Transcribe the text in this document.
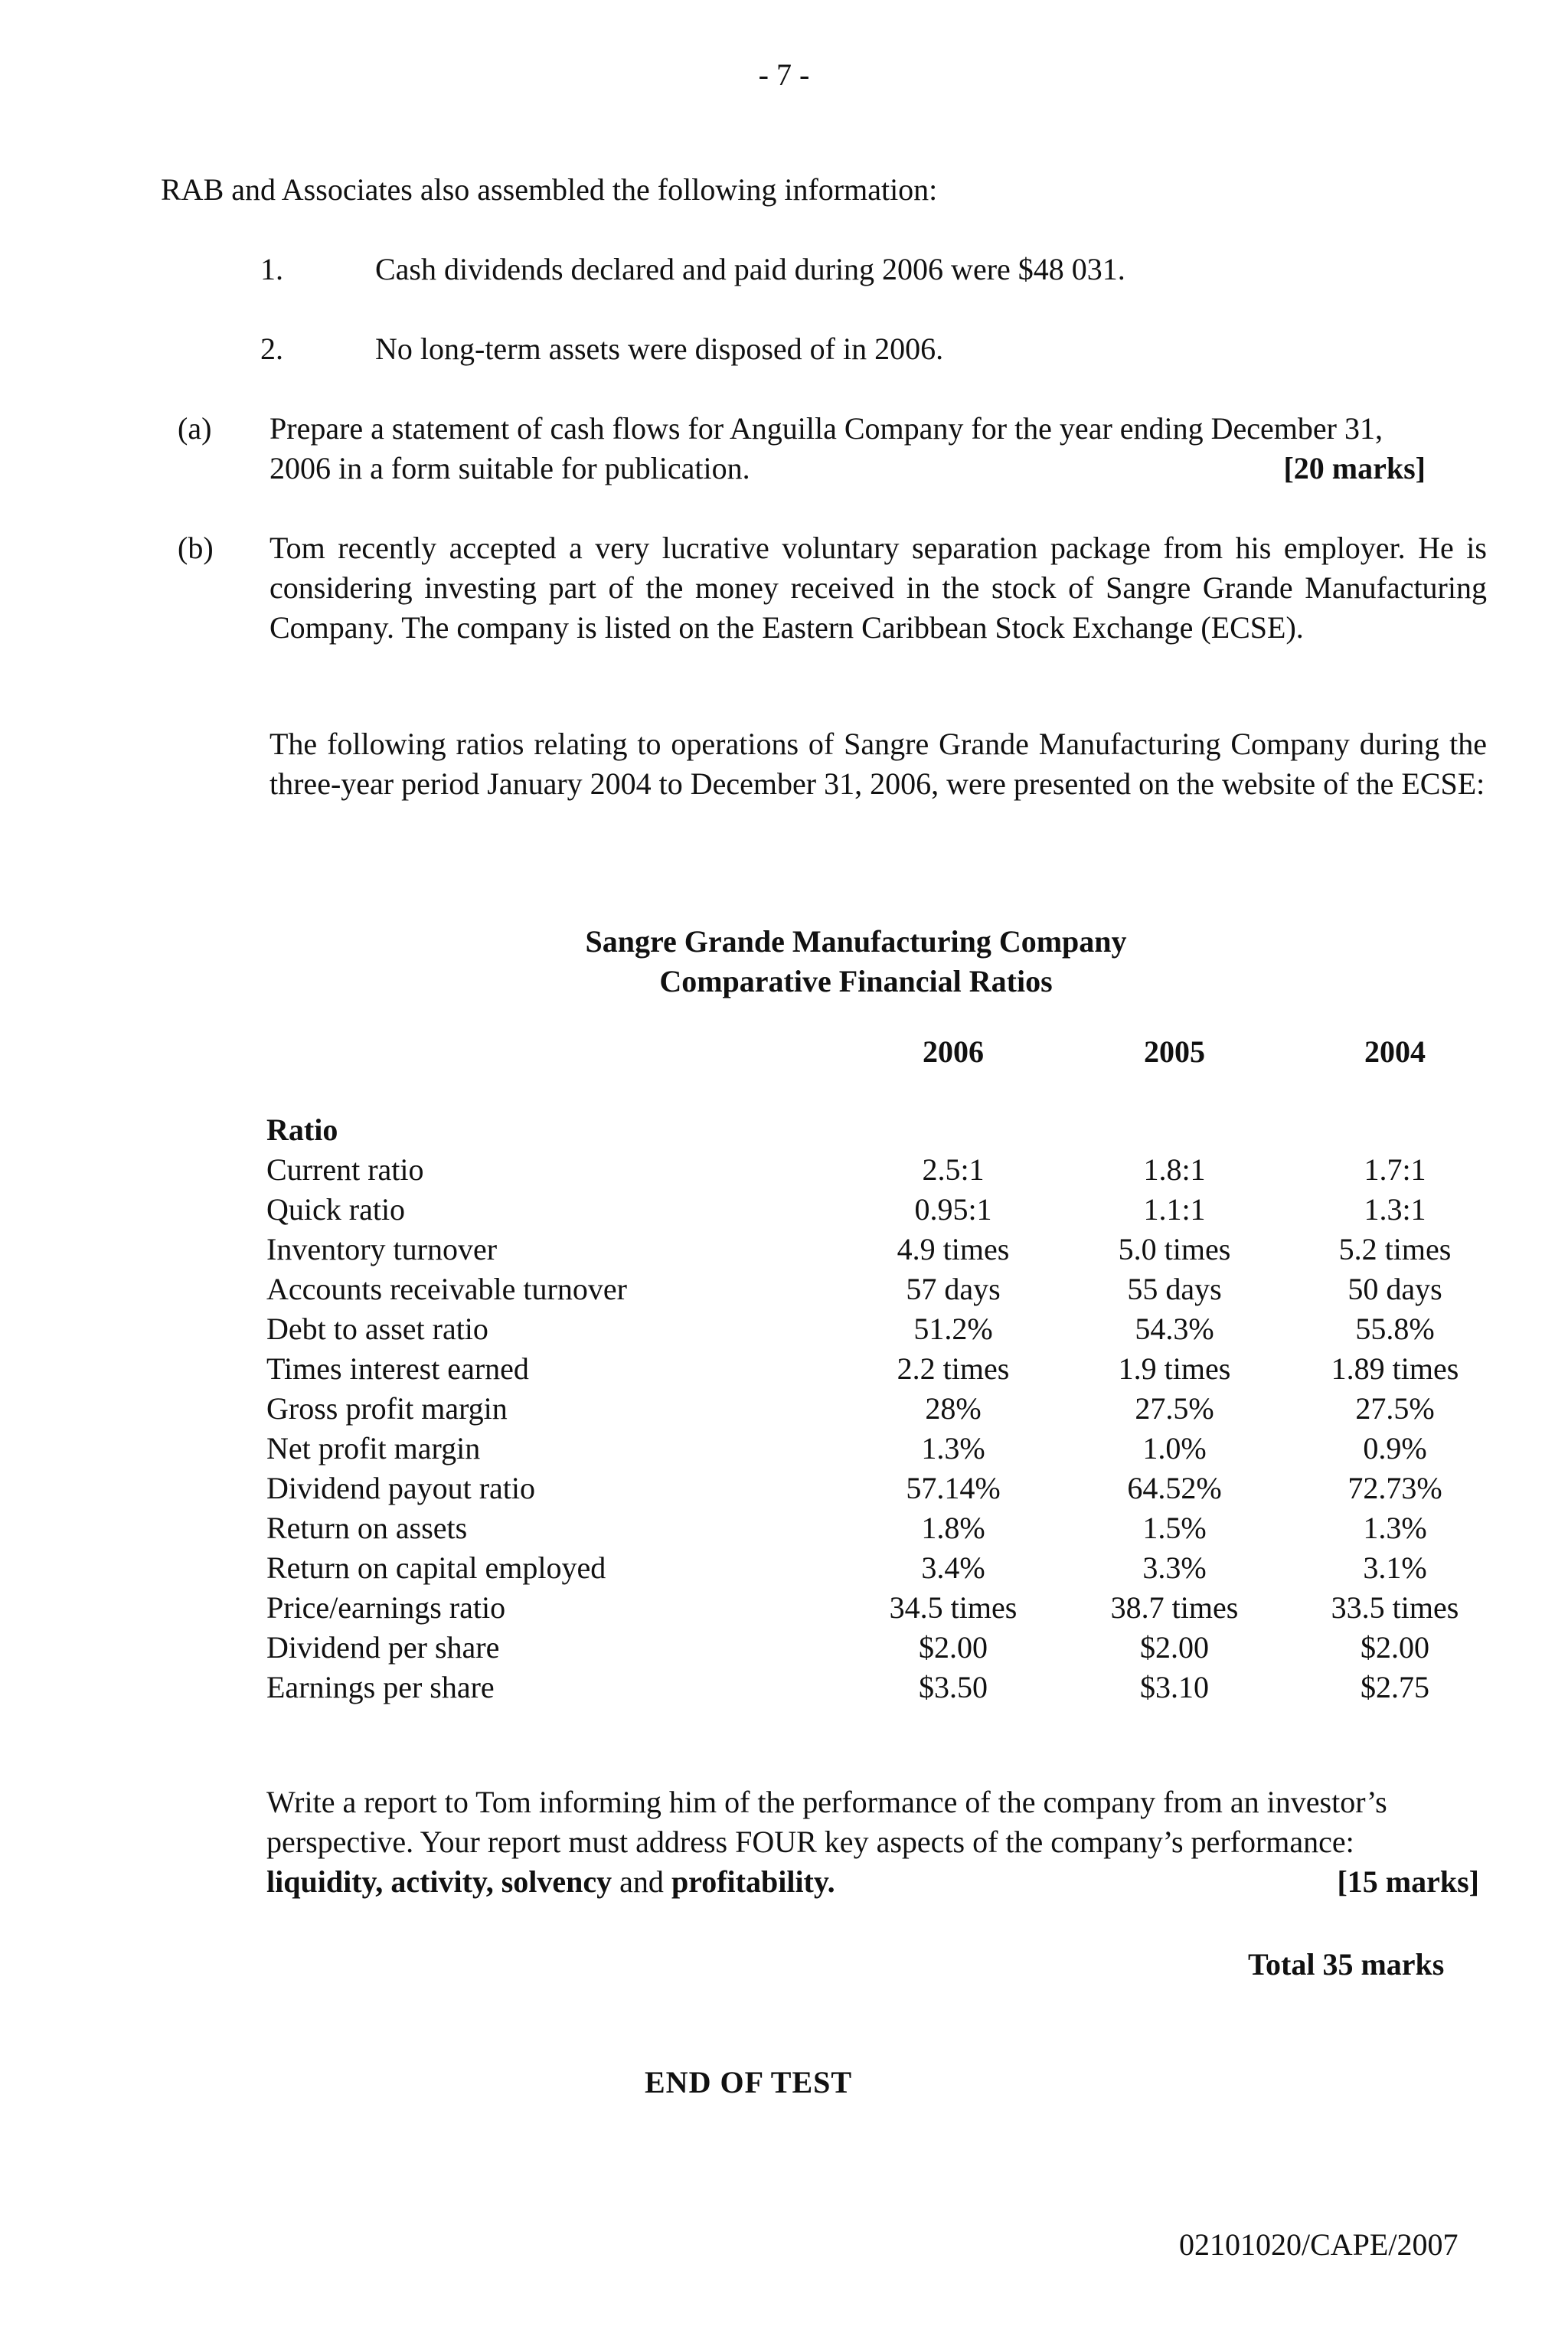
- 7 -
RAB and Associates also assembled the following information:
1.	Cash dividends declared and paid during 2006 were $48 031.
2.	No long-term assets were disposed of in 2006.
(a) Prepare a statement of cash flows for Anguilla Company for the year ending December 31,
2006 in a form suitable for publication.	[20 marks]
(b) Tom recently accepted a very lucrative voluntary separation package from his employer. He is considering investing part of the money received in the stock of Sangre Grande Manufacturing Company. The company is listed on the Eastern Caribbean Stock Exchange (ECSE).

The following ratios relating to operations of Sangre Grande Manufacturing Company during the three-year period January 2004 to December 31, 2006, were presented on the website of the ECSE:

Sangre Grande Manufacturing Company
Comparative Financial Ratios
	2006	2005	2004
Ratio			
Current ratio	2.5:1	1.8:1	1.7:1
Quick ratio	0.95:1	1.1:1	1.3:1
Inventory turnover	4.9 times	5.0 times	5.2 times
Accounts receivable turnover	57 days	55 days	50 days
Debt to asset ratio	51.2%	54.3%	55.8%
Times interest earned	2.2 times	1.9 times	1.89 times
Gross profit margin	28%	27.5%	27.5%
Net profit margin	1.3%	1.0%	0.9%
Dividend payout ratio	57.14%	64.52%	72.73%
Return on assets	1.8%	1.5%	1.3%
Return on capital employed	3.4%	3.3%	3.1%
Price/earnings ratio	34.5 times	38.7 times	33.5 times
Dividend per share	$2.00	$2.00	$2.00
Earnings per share	$3.50	$3.10	$2.75
Write a report to Tom informing him of the performance of the company from an investor’s
perspective. Your report must address FOUR key aspects of the company’s performance:
liquidity, activity, solvency and profitability.	[15 marks]
Total 35 marks
END OF TEST
02101020/CAPE/2007
